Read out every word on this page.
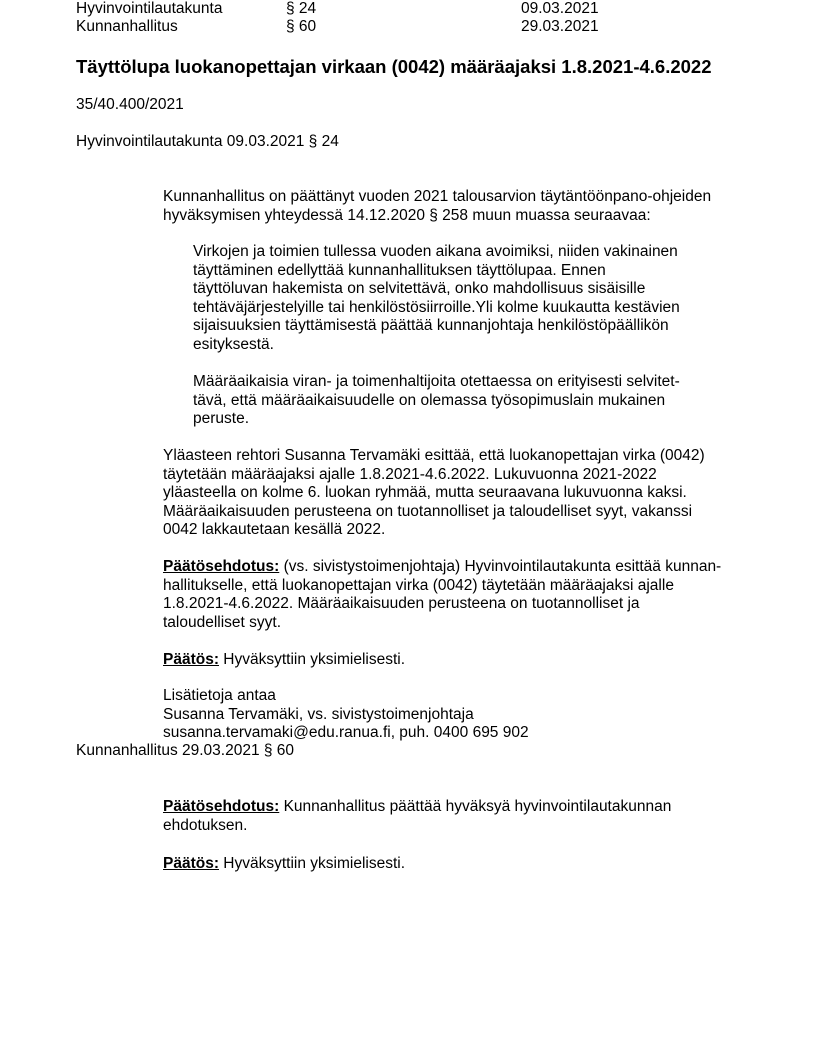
Hyvinvointilautakunta	§ 24	09.03.2021
Kunnanhallitus	§ 60	29.03.2021
Täyttölupa luokanopettajan virkaan (0042) määräajaksi 1.8.2021-4.6.2022
35/40.400/2021
Hyvinvointilautakunta 09.03.2021 § 24
Kunnanhallitus on päättänyt vuoden 2021 talousarvion täytäntöönpano-ohjeiden
hyväksymisen yhteydessä 14.12.2020 § 258 muun muassa seuraavaa:
Virkojen ja toimien tullessa vuoden aikana avoimiksi, niiden vakinainen
täyttäminen edellyttää kunnanhallituksen täyttölupaa. Ennen
täyttöluvan hakemista on selvitettävä, onko mahdollisuus sisäisille
tehtäväjärjestelyille tai henkilöstösiirroille.Yli kolme kuukautta kestävien
sijaisuuksien täyttämisestä päättää kunnanjohtaja henkilöstöpäällikön
esityksestä.
Määräaikaisia viran- ja toimenhaltijoita otettaessa on erityisesti selvitet-
tävä, että määräaikaisuudelle on olemassa työsopimuslain mukainen
peruste.
Yläasteen rehtori Susanna Tervamäki esittää, että luokanopettajan virka (0042)
täytetään määräajaksi ajalle 1.8.2021-4.6.2022. Lukuvuonna 2021-2022
yläasteella on kolme 6. luokan ryhmää, mutta seuraavana lukuvuonna kaksi.
Määräaikaisuuden perusteena on tuotannolliset ja taloudelliset syyt, vakanssi
0042 lakkautetaan kesällä 2022.
Päätösehdotus: (vs. sivistystoimenjohtaja) Hyvinvointilautakunta esittää kunnan-
hallitukselle, että luokanopettajan virka (0042) täytetään määräajaksi ajalle
1.8.2021-4.6.2022. Määräaikaisuuden perusteena on tuotannolliset ja
taloudelliset syyt.
Päätös: Hyväksyttiin yksimielisesti.
Lisätietoja antaa
Susanna Tervamäki, vs. sivistystoimenjohtaja
susanna.tervamaki@edu.ranua.fi, puh. 0400 695 902
Kunnanhallitus 29.03.2021 § 60
Päätösehdotus: Kunnanhallitus päättää hyväksyä hyvinvointilautakunnan
ehdotuksen.
Päätös: Hyväksyttiin yksimielisesti.
